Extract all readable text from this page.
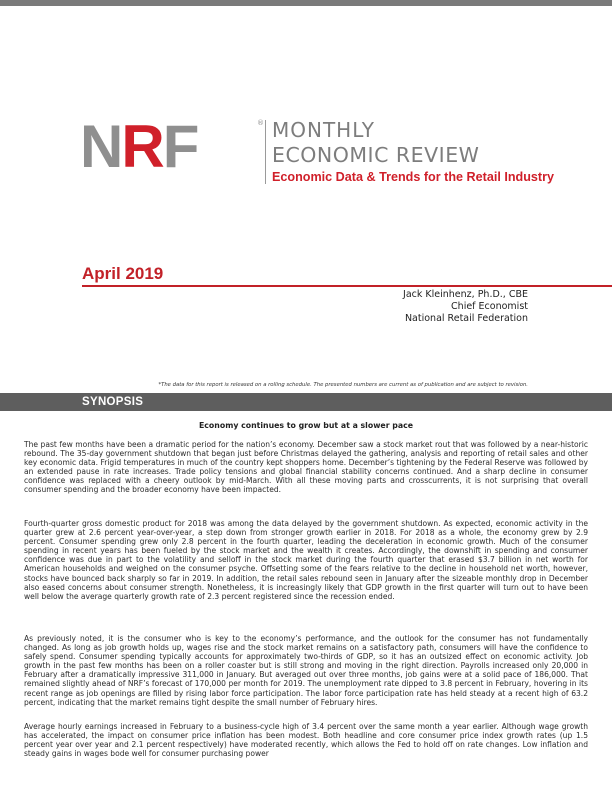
NRF	® MONTHLY
ECONOMIC REVIEW
Economic Data & Trends for the Retail Industry
April 2019
Jack Kleinhenz, Ph.D., CBE
Chief Economist
National Retail Federation
*The data for this report is released on a rolling schedule. The presented numbers are current as of publication and are subject to revision.
SYNOPSIS
Economy continues to grow but at a slower pace

The past few months have been a dramatic period for the nation’s economy. December saw a stock market rout that was followed by a near-historic rebound. The 35-day government shutdown that began just before Christmas delayed the gathering, analysis and reporting of retail sales and other key economic data. Frigid temperatures in much of the country kept shoppers home. December’s tightening by the Federal Reserve was followed by an extended pause in rate increases. Trade policy tensions and global financial stability concerns continued. And a sharp decline in consumer confidence was replaced with a cheery outlook by mid-March. With all these moving parts and crosscurrents, it is not surprising that overall consumer spending and the broader economy have been impacted.

Fourth-quarter gross domestic product for 2018 was among the data delayed by the government shutdown. As expected, economic activity in the quarter grew at 2.6 percent year-over-year, a step down from stronger growth earlier in 2018. For 2018 as a whole, the economy grew by 2.9 percent. Consumer spending grew only 2.8 percent in the fourth quarter, leading the deceleration in economic growth. Much of the consumer spending in recent years has been fueled by the stock market and the wealth it creates. Accordingly, the downshift in spending and consumer confidence was due in part to the volatility and selloff in the stock market during the fourth quarter that erased $3.7 billion in net worth for American households and weighed on the consumer psyche. Offsetting some of the fears relative to the decline in household net worth, however, stocks have bounced back sharply so far in 2019. In addition, the retail sales rebound seen in January after the sizeable monthly drop in December also eased concerns about consumer strength. Nonetheless, it is increasingly likely that GDP growth in the first quarter will turn out to have been well below the average quarterly growth rate of 2.3 percent registered since the recession ended.

As previously noted, it is the consumer who is key to the economy’s performance, and the outlook for the consumer has not fundamentally changed. As long as job growth holds up, wages rise and the stock market remains on a satisfactory path, consumers will have the confidence to safely spend. Consumer spending typically accounts for approximately two-thirds of GDP, so it has an outsized effect on economic activity. Job growth in the past few months has been on a roller coaster but is still strong and moving in the right direction. Payrolls increased only 20,000 in February after a dramatically impressive 311,000 in January. But averaged out over three months, job gains were at a solid pace of 186,000. That remained slightly ahead of NRF’s forecast of 170,000 per month for 2019. The unemployment rate dipped to 3.8 percent in February, hovering in its recent range as job openings are filled by rising labor force participation. The labor force participation rate has held steady at a recent high of 63.2 percent, indicating that the market remains tight despite the small number of February hires.

Average hourly earnings increased in February to a business-cycle high of 3.4 percent over the same month a year earlier. Although wage growth has accelerated, the impact on consumer price inflation has been modest. Both headline and core consumer price index growth rates (up 1.5 percent year over year and 2.1 percent respectively) have moderated recently, which allows the Fed to hold off on rate changes. Low inflation and steady gains in wages bode well for consumer purchasing power
